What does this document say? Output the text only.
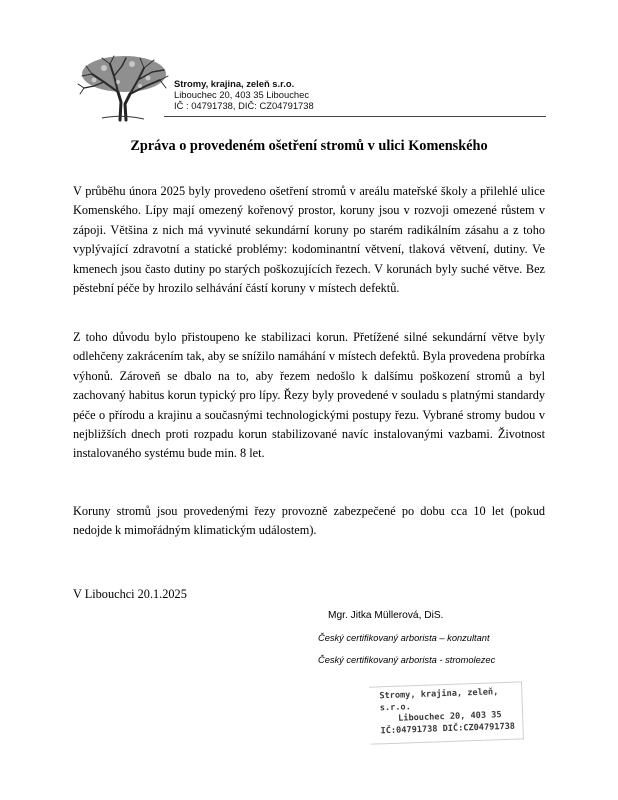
Stromy, krajina, zeleň s.r.o.
Libouchec 20, 403 35 Libouchec
IČ : 04791738, DIČ: CZ04791738
Zpráva o provedeném ošetření stromů v ulici Komenského
V průběhu února 2025 byly provedeno ošetření stromů v areálu mateřské školy a přilehlé ulice Komenského. Lípy mají omezený kořenový prostor, koruny jsou v rozvoji omezené růstem v zápoji. Většina z nich má vyvinuté sekundární koruny po starém radikálním zásahu a z toho vyplývající zdravotní a statické problémy: kodominantní větvení, tlaková větvení, dutiny. Ve kmenech jsou často dutiny po starých poškozujících řezech. V korunách byly suché větve. Bez pěstební péče by hrozilo selhávání částí koruny v místech defektů.
Z toho důvodu bylo přistoupeno ke stabilizaci korun. Přetížené silné sekundární větve byly odlehčeny zakrácením tak, aby se snížilo namáhání v místech defektů. Byla provedena probírka výhonů. Zároveň se dbalo na to, aby řezem nedošlo k dalšímu poškození stromů a byl zachovaný habitus korun typický pro lípy. Řezy byly provedené v souladu s platnými standardy péče o přírodu a krajinu a současnými technologickými postupy řezu. Vybrané stromy budou v nejbližších dnech proti rozpadu korun stabilizované navíc instalovanými vazbami. Životnost instalovaného systému bude min. 8 let.
Koruny stromů jsou provedenými řezy provozně zabezpečené po dobu cca 10 let (pokud nedojde k mimořádným klimatickým událostem).
V Libouchci 20.1.2025
Mgr. Jitka Müllerová, DiS.
Český certifikovaný arborista – konzultant
Český certifikovaný arborista - stromolezec
Stromy, krajina, zeleň, s.r.o.
Libouchec 20, 403 35
IČ:04791738 DIČ:CZ04791738
